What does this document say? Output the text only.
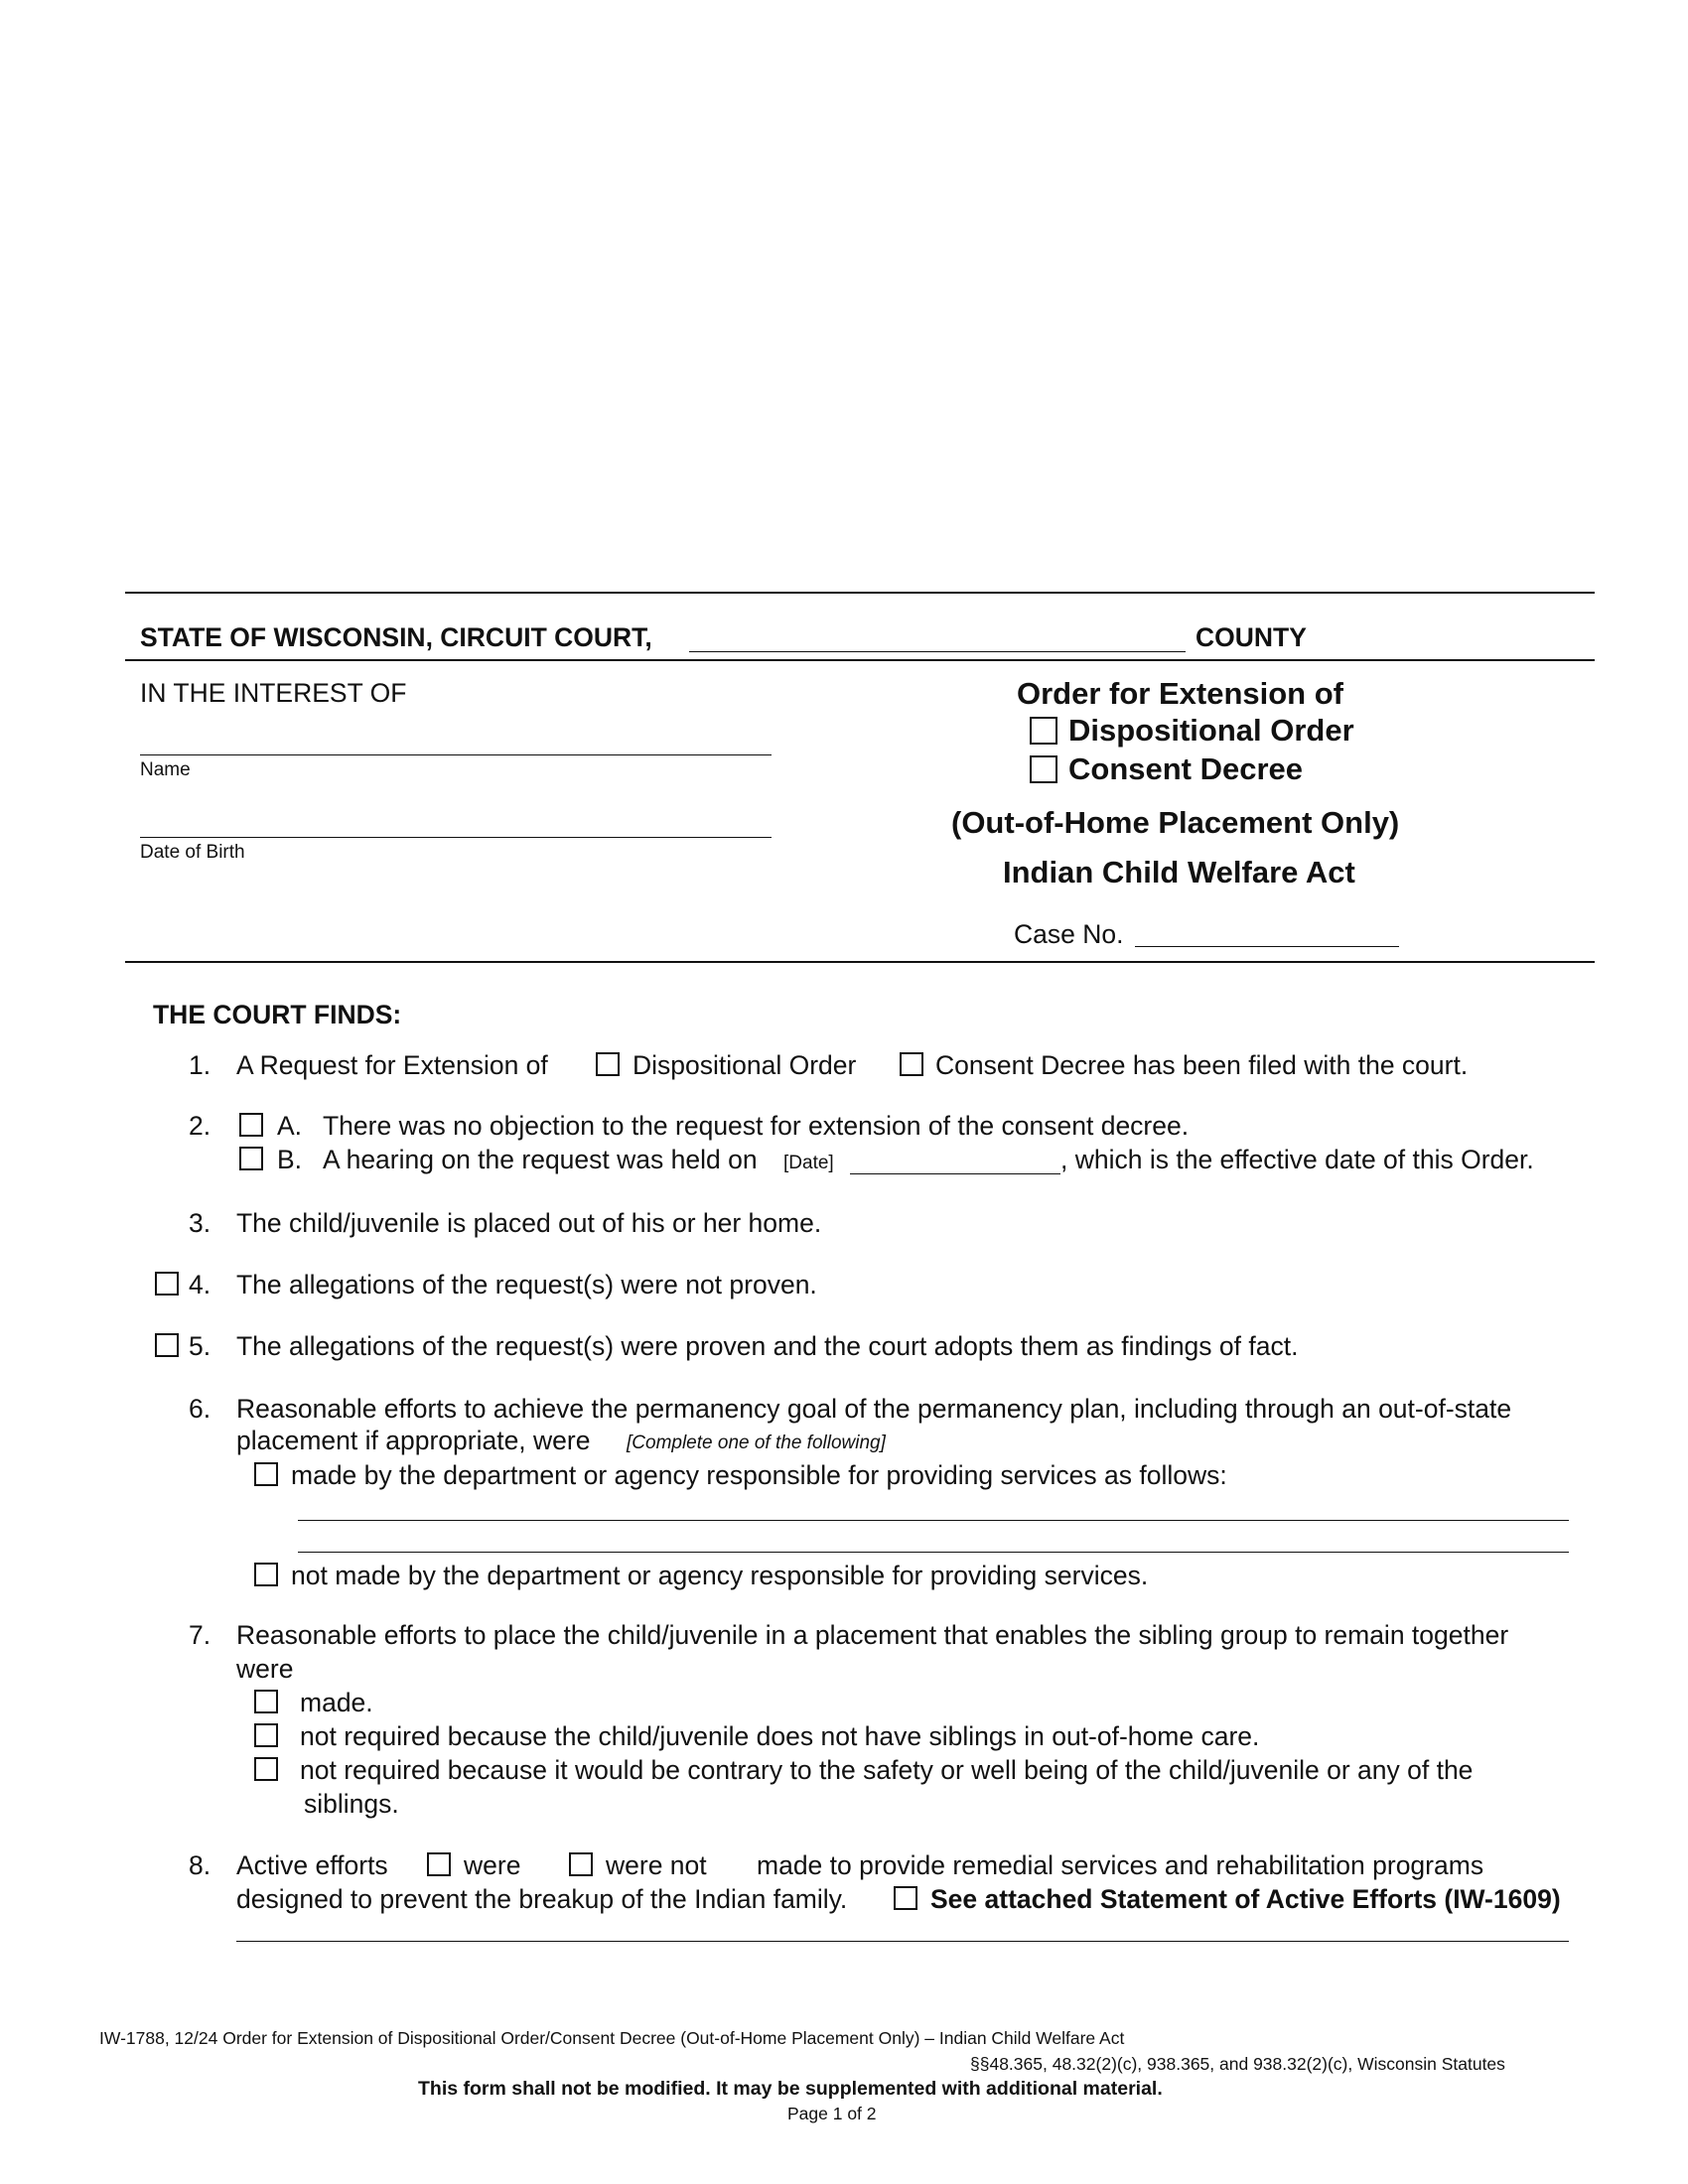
STATE OF WISCONSIN, CIRCUIT COURT,	COUNTY
IN THE INTEREST OF
Name
Date of Birth
Order for Extension of
Dispositional Order
Consent Decree
(Out-of-Home Placement Only)
Indian Child Welfare Act
Case No.
THE COURT FINDS:
1. A Request for Extension of	Dispositional Order	Consent Decree has been filed with the court.
2.	A. There was no objection to the request for extension of the consent decree.
B. A hearing on the request was held on [Date]	, which is the effective date of this Order.
3. The child/juvenile is placed out of his or her home.
4. The allegations of the request(s) were not proven.
5. The allegations of the request(s) were proven and the court adopts them as findings of fact.
6. Reasonable efforts to achieve the permanency goal of the permanency plan, including through an out-of-state
placement if appropriate, were [Complete one of the following]
made by the department or agency responsible for providing services as follows:
not made by the department or agency responsible for providing services.
7. Reasonable efforts to place the child/juvenile in a placement that enables the sibling group to remain together
were
made.
not required because the child/juvenile does not have siblings in out-of-home care.
not required because it would be contrary to the safety or well being of the child/juvenile or any of the
siblings.
8. Active efforts	were	were not made to provide remedial services and rehabilitation programs
designed to prevent the breakup of the Indian family.	See attached Statement of Active Efforts (IW-1609)
IW-1788, 12/24 Order for Extension of Dispositional Order/Consent Decree (Out-of-Home Placement Only) – Indian Child Welfare Act
§§48.365, 48.32(2)(c), 938.365, and 938.32(2)(c), Wisconsin Statutes
This form shall not be modified. It may be supplemented with additional material.
Page 1 of 2
